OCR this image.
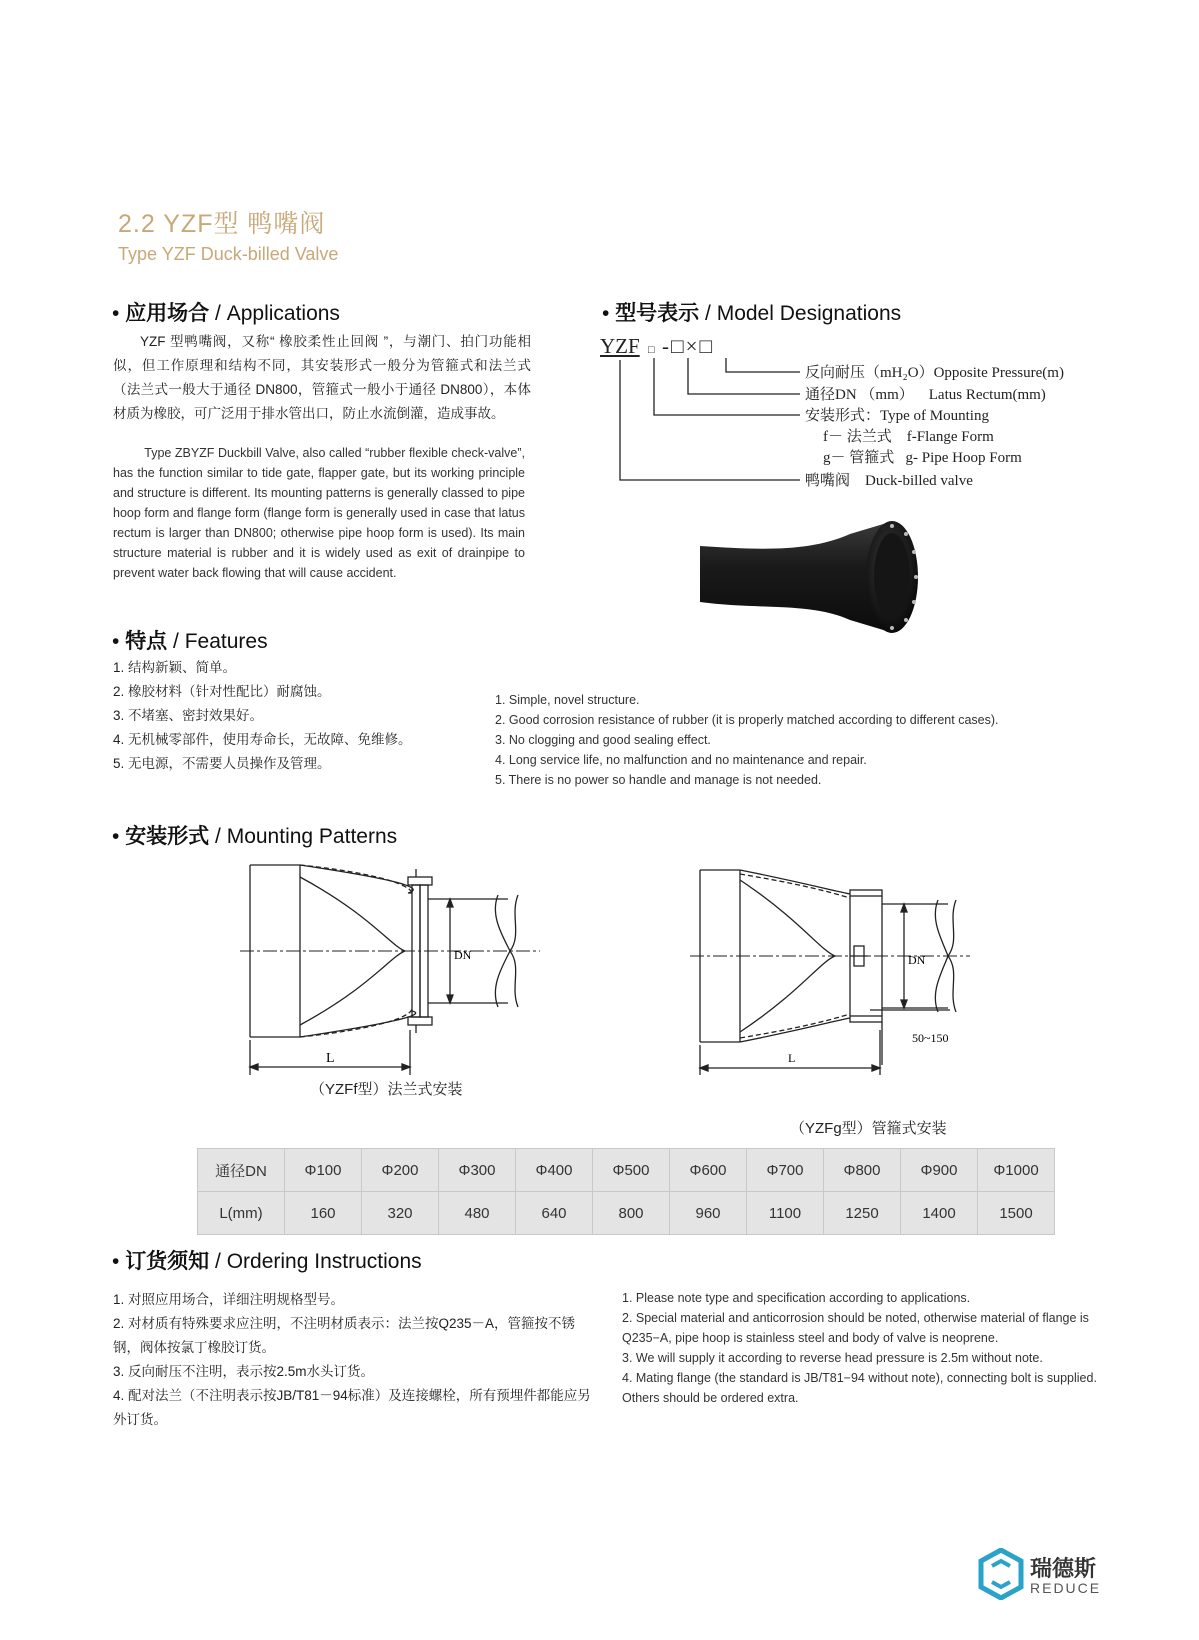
2.2 YZF型 鸭嘴阀
Type YZF Duck-billed Valve
• 应用场合 / Applications
YZF 型鸭嘴阀，又称“ 橡胶柔性止回阀 ”，与潮门、拍门功能相似，但工作原理和结构不同，其安装形式一般分为管箍式和法兰式（法兰式一般大于通径 DN800，管箍式一般小于通径 DN800），本体材质为橡胶，可广泛用于排水管出口，防止水流倒灌，造成事故。
Type ZBYZF Duckbill Valve, also called “rubber flexible check-valve”, has the function similar to tide gate, flapper gate, but its working principle and structure is different. Its mounting patterns is generally classed to pipe hoop form and flange form (flange form is generally used in case that latus rectum is larger than DN800; otherwise pipe hoop form is used). Its main structure material is rubber and it is widely used as exit of drainpipe to prevent water back flowing that will cause accident.
• 型号表示 / Model Designations
YZF □ -□×□
反向耐压（mH₂O）Opposite Pressure(m)
通径DN （mm）    Latus Rectum(mm)
安装形式：Type of Mounting
f－ 法兰式    f-Flange Form
g－ 管箍式   g- Pipe Hoop Form
鸭嘴阀    Duck-billed valve
• 特点 / Features
1. 结构新颖、简单。
2. 橡胶材料（针对性配比）耐腐蚀。
3. 不堵塞、密封效果好。
4. 无机械零部件，使用寿命长，无故障、免维修。
5. 无电源，不需要人员操作及管理。
1. Simple, novel structure.
2. Good corrosion resistance of rubber (it is properly matched according to different cases).
3. No clogging and good sealing effect.
4. Long service life, no malfunction and no maintenance and repair.
5. There is no power so handle and manage is not needed.
• 安装形式 / Mounting Patterns
DN
L
（YZFf型）法兰式安装
DN
50~150
L
（YZFg型）管箍式安装
通径DN	Φ100	Φ200	Φ300	Φ400	Φ500	Φ600	Φ700	Φ800	Φ900	Φ1000
L(mm)	160	320	480	640	800	960	1100	1250	1400	1500
• 订货须知 / Ordering Instructions
1. 对照应用场合，详细注明规格型号。
2. 对材质有特殊要求应注明，不注明材质表示：法兰按Q235－A，管箍按不锈钢，阀体按氯丁橡胶订货。
3. 反向耐压不注明，表示按2.5m水头订货。
4. 配对法兰（不注明表示按JB/T81－94标准）及连接螺栓，所有预埋件都能应另外订货。
1. Please note type and specification according to applications.
2. Special material and anticorrosion should be noted, otherwise material of flange is Q235−A, pipe hoop is stainless steel and body of valve is neoprene.
3. We will supply it according to reverse head pressure is 2.5m without note.
4. Mating flange (the standard is JB/T81−94 without note), connecting bolt is supplied. Others should be ordered extra.
瑞德斯
REDUCE
